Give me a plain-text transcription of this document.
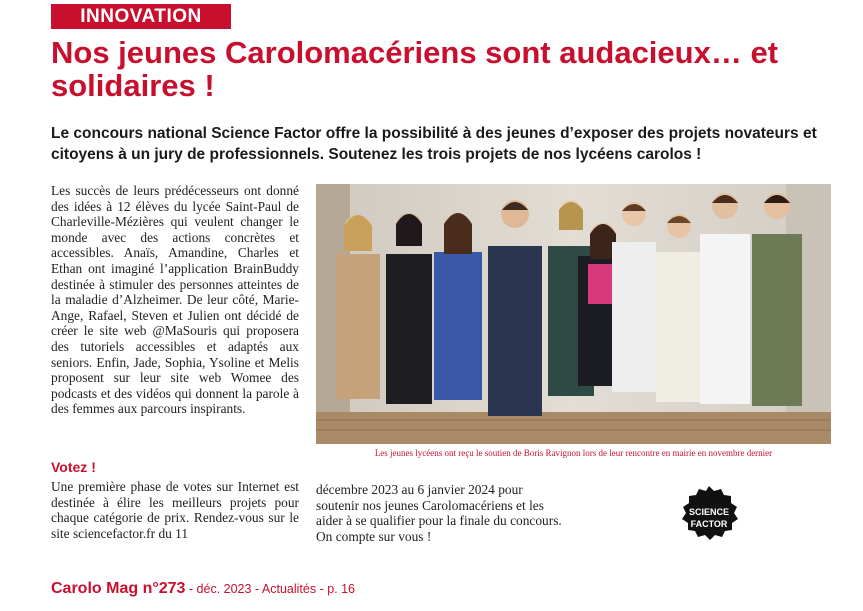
INNOVATION
Nos jeunes Carolomacériens sont audacieux… et solidaires !

Le concours national Science Factor offre la possibilité à des jeunes d’exposer des projets novateurs et citoyens à un jury de professionnels. Soutenez les trois projets de nos lycéens carolos !

Les succès de leurs prédécesseurs ont donné des idées à 12 élèves du lycée Saint-Paul de Charleville-Mézières qui veulent changer le monde avec des actions concrètes et accessibles. Anaïs, Amandine, Charles et Ethan ont imaginé l’application BrainBuddy destinée à stimuler des personnes atteintes de la maladie d’Alzheimer. De leur côté, Marie-Ange, Rafael, Steven et Julien ont décidé de créer le site web @MaSouris qui proposera des tutoriels accessibles et adaptés aux seniors. Enfin, Jade, Sophia, Ysoline et Melis proposent sur leur site web Womee des podcasts et des vidéos qui donnent la parole à des femmes aux parcours inspirants.

Les jeunes lycéens ont reçu le soutien de Boris Ravignon lors de leur rencontre en mairie en novembre dernier
Votez !

Une première phase de votes sur Internet est destinée à élire les meilleurs projets pour chaque catégorie de prix. Rendez-vous sur le site sciencefactor.fr du 11

décembre 2023 au 6 janvier 2024 pour soutenir nos jeunes Carolomacériens et les aider à se qualifier pour la finale du concours. On compte sur vous !

SCIENCE
FACTOR
Carolo Mag n°273 - déc. 2023 - Actualités - p. 16
